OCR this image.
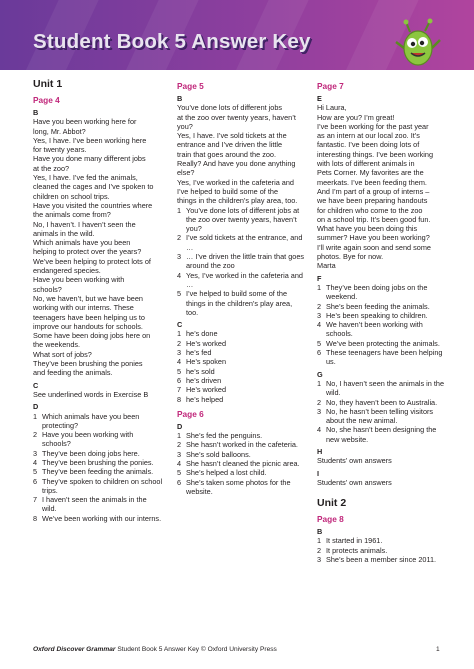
Student Book 5 Answer Key
Unit 1
Page 4
B

Have you been working here for

long, Mr. Abbot?

Yes, I have. I’ve been working here

for twenty years.

Have you done many different jobs

at the zoo?

Yes, I have. I’ve fed the animals,

cleaned the cages and I’ve spoken to

children on school trips.

Have you visited the countries where

the animals come from?

No, I haven’t. I haven’t seen the

animals in the wild.

Which animals have you been

helping to protect over the years?

We’ve been helping to protect lots of

endangered species.

Have you been working with

schools?

No, we haven’t, but we have been

working with our interns. These

teenagers have been helping us to

improve our handouts for schools.

Some have been doing jobs here on

the weekends.

What sort of jobs?

They’ve been brushing the ponies

and feeding the animals.

C

See underlined words in Exercise B

D
1 Which animals have you been protecting?
2 Have you been working with schools?
3 They’ve been doing jobs here.
4 They’ve been brushing the ponies.
5 They’ve been feeding the animals.
6 They’ve spoken to children on school trips.
7 I haven’t seen the animals in the wild.
8 We’ve been working with our interns.
Page 5
B

You’ve done lots of different jobs

at the zoo over twenty years, haven’t

you?

Yes, I have. I’ve sold tickets at the

entrance and I’ve driven the little

train that goes around the zoo.

Really? And have you done anything

else?

Yes, I’ve worked in the cafeteria and

I’ve helped to build some of the

things in the children’s play area, too.

1 You’ve done lots of different jobs at the zoo over twenty years, haven’t you?
2 I’ve sold tickets at the entrance, and …
3 … I’ve driven the little train that goes around the zoo
4 Yes, I’ve worked in the cafeteria and …
5 I’ve helped to build some of the things in the children’s play area, too.
C
1 he’s done
2 He’s worked
3 he’s fed
4 He’s spoken
5 he’s sold
6 he’s driven
7 He’s worked
8 he’s helped
Page 6
D
1 She’s fed the penguins.
2 She hasn’t worked in the cafeteria.
3 She’s sold balloons.
4 She hasn’t cleaned the picnic area.
5 She’s helped a lost child.
6 She’s taken some photos for the website.
Page 7
E

Hi Laura,

How are you? I’m great!

I’ve been working for the past year

as an intern at our local zoo. It’s

fantastic. I’ve been doing lots of

interesting things. I’ve been working

with lots of different animals in

Pets Corner. My favorites are the

meerkats. I’ve been feeding them.

And I’m part of a group of interns –

we have been preparing handouts

for children who come to the zoo

on a school trip. It’s been good fun.

What have you been doing this

summer? Have you been working?

I’ll write again soon and send some

photos. Bye for now.

Marta

F
1 They’ve been doing jobs on the weekend.
2 She’s been feeding the animals.
3 He’s been speaking to children.
4 We haven’t been working with schools.
5 We’ve been protecting the animals.
6 These teenagers have been helping us.
G
1 No, I haven’t seen the animals in the wild.
2 No, they haven’t been to Australia.
3 No, he hasn’t been telling visitors about the new animal.
4 No, she hasn’t been designing the new website.
H

Students’ own answers

I

Students’ own answers

Unit 2
Page 8
B
1 It started in 1961.
2 It protects animals.
3 She’s been a member since 2011.
Oxford Discover Grammar Student Book 5 Answer Key © Oxford University Press	1
